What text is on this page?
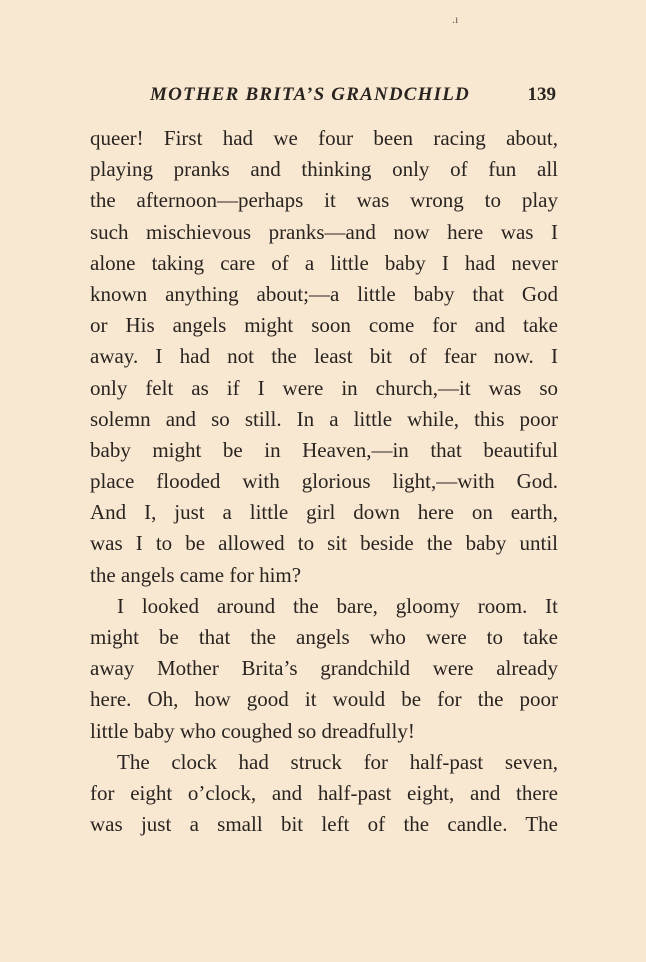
.ı
MOTHER BRITA’S GRANDCHILD	139
queer! First had we four been racing about,
playing pranks and thinking only of fun all
the afternoon—perhaps it was wrong to play
such mischievous pranks—and now here was I
alone taking care of a little baby I had never
known anything about;—a little baby that God
or His angels might soon come for and take
away. I had not the least bit of fear now. I
only felt as if I were in church,—it was so
solemn and so still. In a little while, this poor
baby might be in Heaven,—in that beautiful
place flooded with glorious light,—with God.
And I, just a little girl down here on earth,
was I to be allowed to sit beside the baby until
the angels came for him?
I looked around the bare, gloomy room. It
might be that the angels who were to take
away Mother Brita’s grandchild were already
here. Oh, how good it would be for the poor
little baby who coughed so dreadfully!
The clock had struck for half-past seven,
for eight o’clock, and half-past eight, and there
was just a small bit left of the candle. The
